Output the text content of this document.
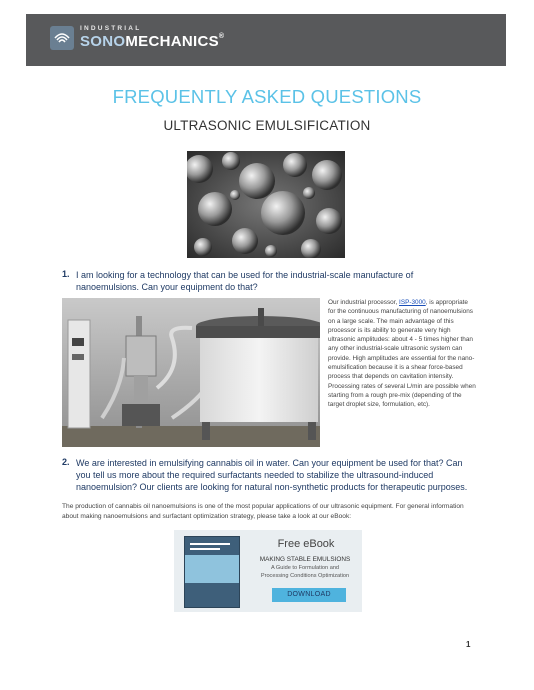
INDUSTRIAL
SONOMECHANICS®
FREQUENTLY ASKED QUESTIONS
ULTRASONIC EMULSIFICATION
1. I am looking for a technology that can be used for the industrial-scale manufacture of
nanoemulsions. Can your equipment do that?
Our industrial processor, ISP-3000, is appropriate for the continuous manufacturing of nanoemulsions on a large scale. The main advantage of this processor is its ability to generate very high ultrasonic amplitudes: about 4 - 5 times higher than any other industrial-scale ultrasonic system can provide. High amplitudes are essential for the nano-emulsification because it is a shear force-based process that depends on cavitation intensity. Processing rates of several L/min are possible when starting from a rough pre-mix (depending of the target droplet size, formulation, etc).
2. We are interested in emulsifying cannabis oil in water. Can your equipment be used for that? Can
you tell us more about the required surfactants needed to stabilize the ultrasound-induced
nanoemulsion? Our clients are looking for natural non-synthetic products for therapeutic purposes.
The production of cannabis oil nanoemulsions is one of the most popular applications of our ultrasonic equipment. For general information about making nanoemulsions and surfactant optimization strategy, please take a look at our eBook:
Free eBook
MAKING STABLE EMULSIONS
A Guide to Formulation and
Processing Conditions Optimization
DOWNLOAD
1
